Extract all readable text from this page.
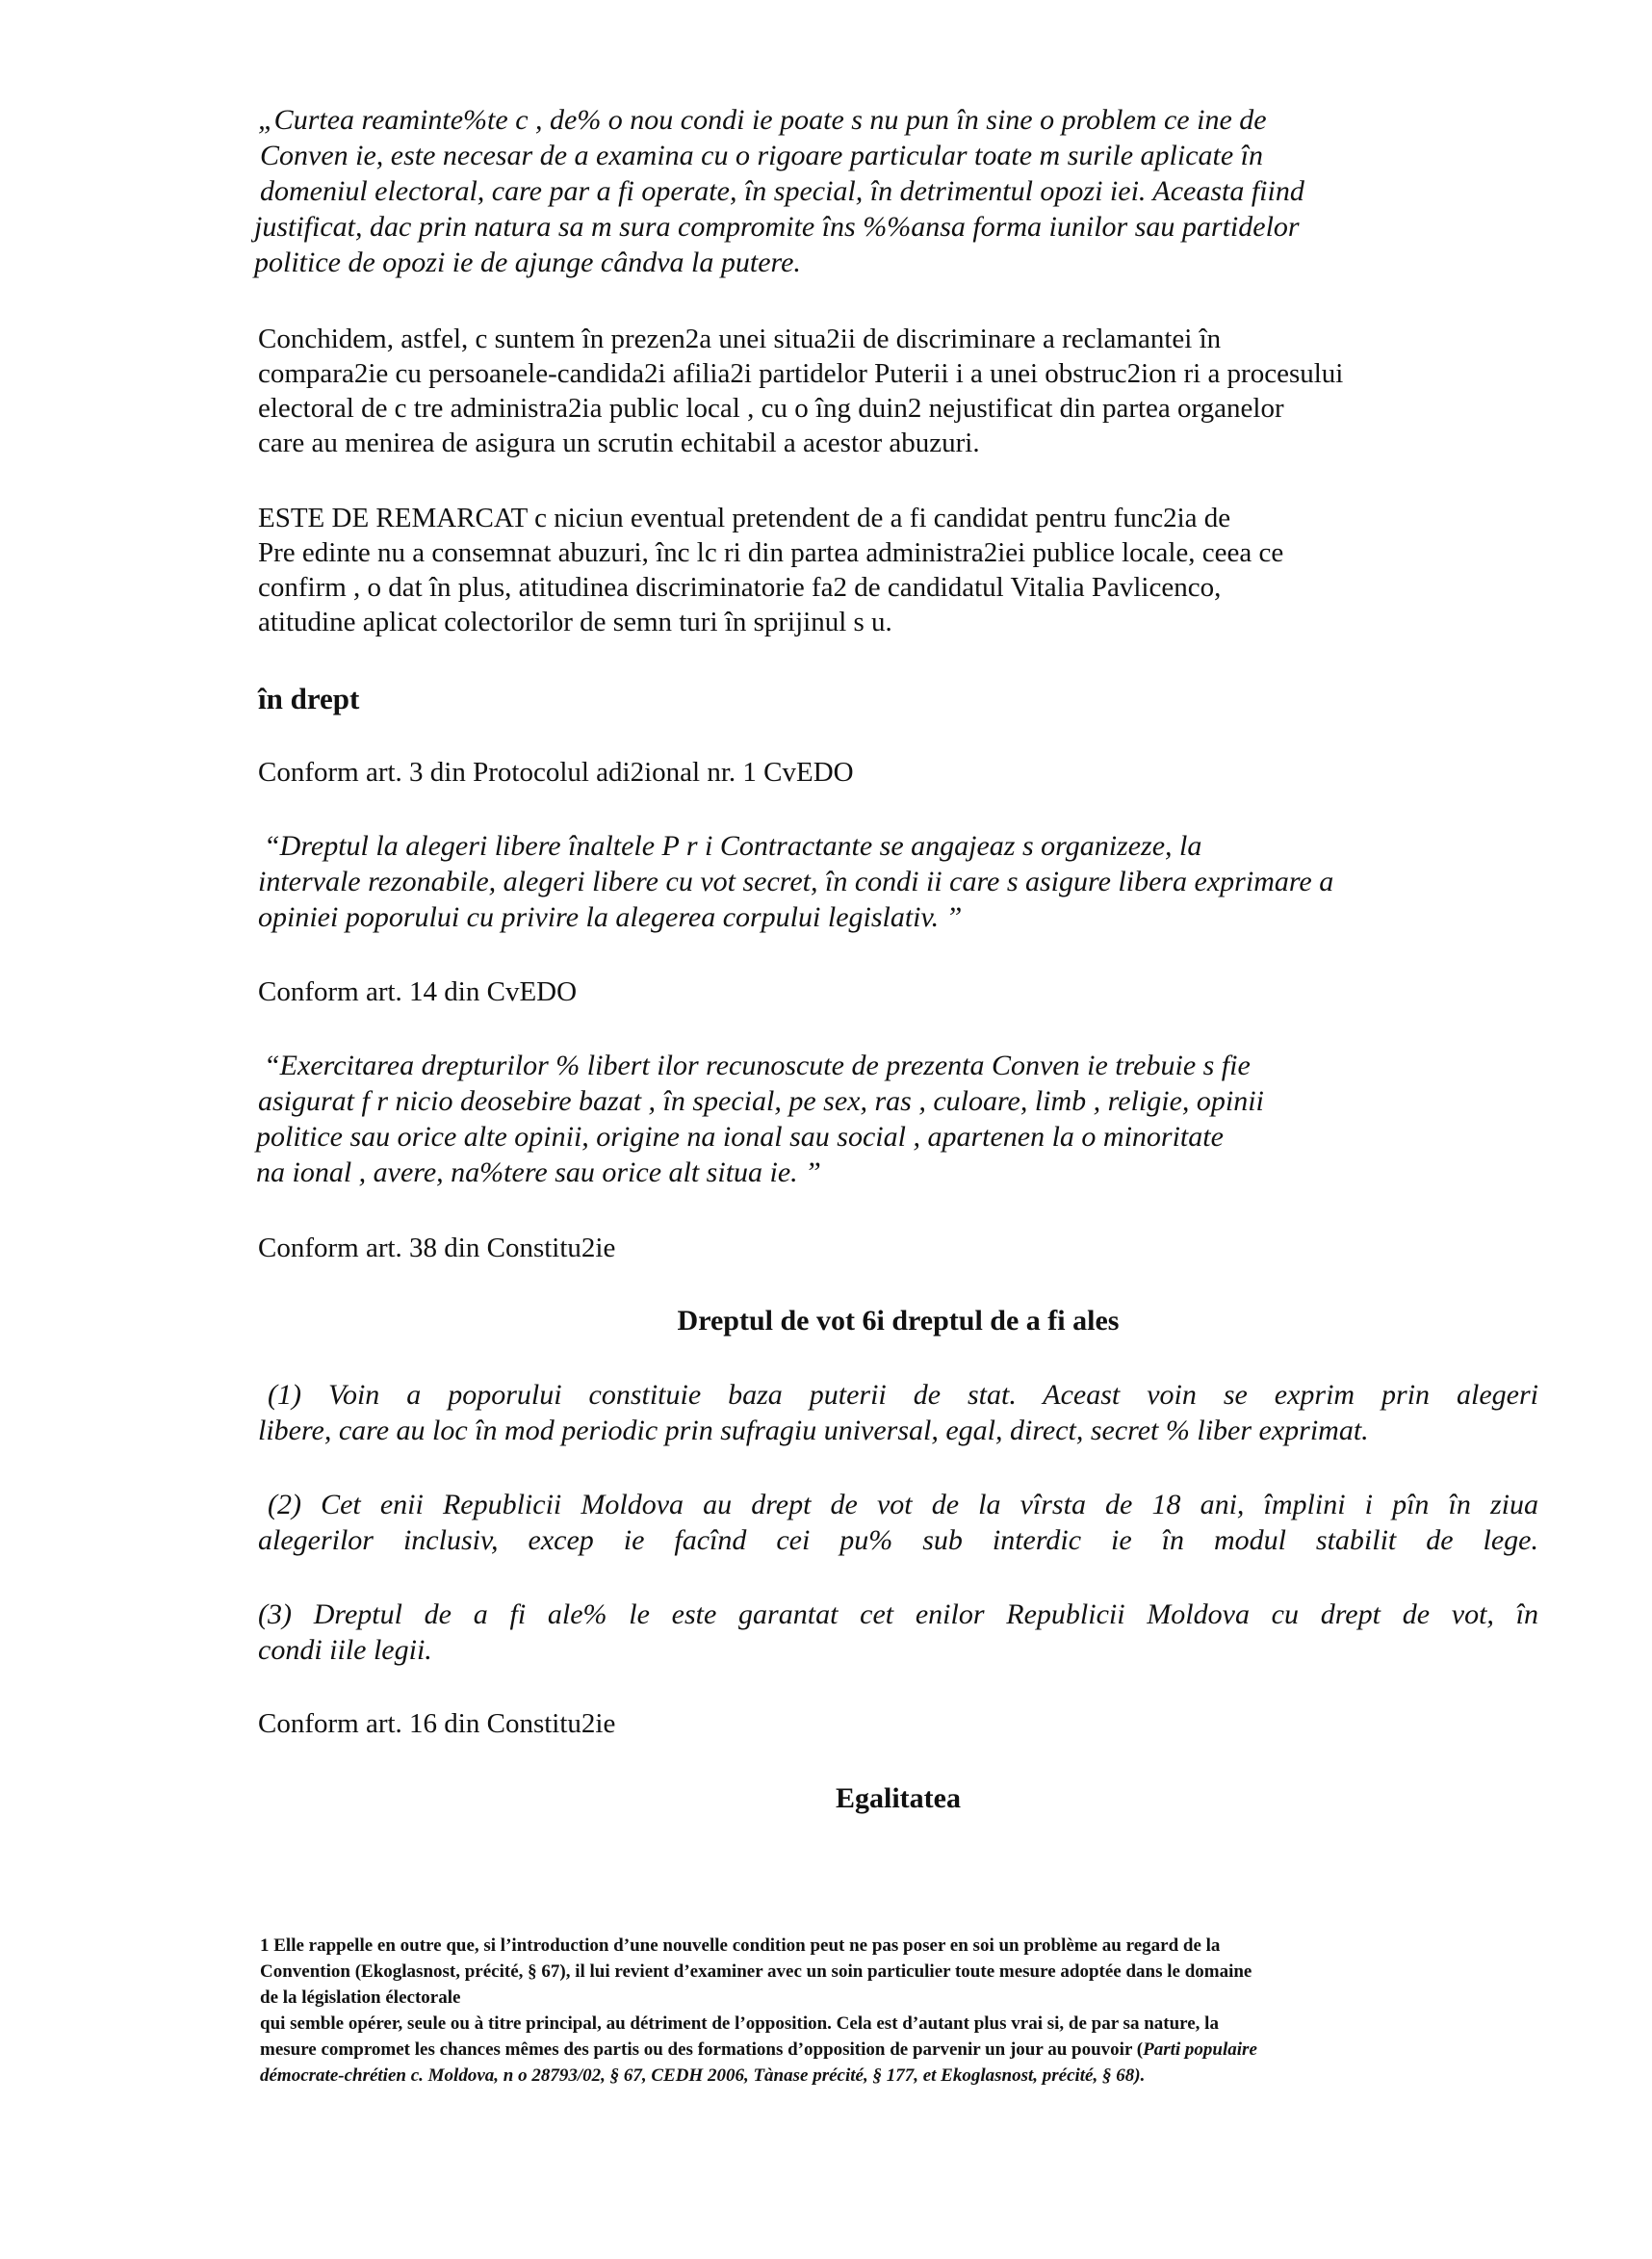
„Curtea reaminte%te c , de% o nou condi ie poate s nu pun în sine o problem ce ine de
Conven ie, este necesar de a examina cu o rigoare particular toate m surile aplicate în
domeniul electoral, care par a fi operate, în special, în detrimentul opozi iei. Aceasta fiind
justificat, dac prin natura sa m sura compromite îns %%ansa forma iunilor sau partidelor
politice de opozi ie de ajunge cândva la putere.
Conchidem, astfel, c suntem în prezen2a unei situa2ii de discriminare a reclamantei în
compara2ie cu persoanele-candida2i afilia2i partidelor Puterii i a unei obstruc2ion ri a procesului
electoral de c tre administra2ia public local , cu o îng duin2 nejustificat din partea organelor
care au menirea de asigura un scrutin echitabil a acestor abuzuri.
ESTE DE REMARCAT c niciun eventual pretendent de a fi candidat pentru func2ia de
Pre edinte nu a consemnat abuzuri, înc lc ri din partea administra2iei publice locale, ceea ce
confirm , o dat în plus, atitudinea discriminatorie fa2 de candidatul Vitalia Pavlicenco,
atitudine aplicat colectorilor de semn turi în sprijinul s u.

în drept

Conform art. 3 din Protocolul adi2ional nr. 1 CvEDO

“Dreptul la alegeri libere înaltele P r i Contractante se angajeaz s organizeze, la
intervale rezonabile, alegeri libere cu vot secret, în condi ii care s asigure libera exprimare a
opiniei poporului cu privire la alegerea corpului legislativ. ”

Conform art. 14 din CvEDO

“Exercitarea drepturilor % libert ilor recunoscute de prezenta Conven ie trebuie s fie
asigurat f r nicio deosebire bazat , în special, pe sex, ras , culoare, limb , religie, opinii
politice sau orice alte opinii, origine na ional sau social , apartenen la o minoritate
na ional , avere, na%tere sau orice alt situa ie. ”

Conform art. 38 din Constitu2ie

Dreptul de vot 6i dreptul de a fi ales

(1) Voin a poporului constituie baza puterii de stat. Aceast voin se exprim prin alegeri
libere, care au loc în mod periodic prin sufragiu universal, egal, direct, secret % liber exprimat.
(2) Cet enii Republicii Moldova au drept de vot de la vîrsta de 18 ani, împlini i pîn în ziua
alegerilor inclusiv, excep ie facînd cei pu% sub interdic ie în modul stabilit de lege.
(3) Dreptul de a fi ale% le este garantat cet enilor Republicii Moldova cu drept de vot, în
condi iile legii.

Conform art. 16 din Constitu2ie

Egalitatea

1 Elle rappelle en outre que, si l’introduction d’une nouvelle condition peut ne pas poser en soi un problème au regard de la
Convention (Ekoglasnost, précité, § 67), il lui revient d’examiner avec un soin particulier toute mesure adoptée dans le domaine
de la législation électorale
qui semble opérer, seule ou à titre principal, au détriment de l’opposition. Cela est d’autant plus vrai si, de par sa nature, la
mesure compromet les chances mêmes des partis ou des formations d’opposition de parvenir un jour au pouvoir (Parti populaire
démocrate-chrétien c. Moldova, n o 28793/02, § 67, CEDH 2006, Tànase précité, § 177, et Ekoglasnost, précité, § 68).
